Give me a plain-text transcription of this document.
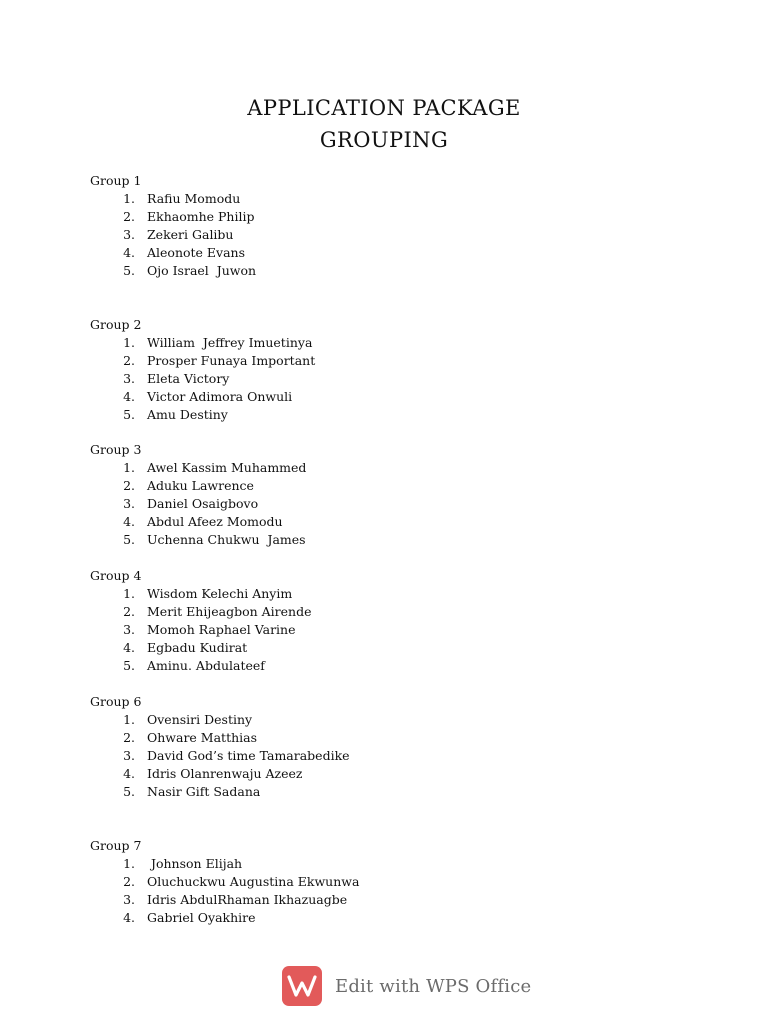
APPLICATION PACKAGE
GROUPING
Group 1
1. Rafiu Momodu
2. Ekhaomhe Philip
3. Zekeri Galibu
4. Aleonote Evans
5. Ojo Israel  Juwon
Group 2
1. William  Jeffrey Imuetinya
2. Prosper Funaya Important
3. Eleta Victory
4. Victor Adimora Onwuli
5. Amu Destiny
Group 3
1. Awel Kassim Muhammed
2. Aduku Lawrence
3. Daniel Osaigbovo
4. Abdul Afeez Momodu
5. Uchenna Chukwu  James
Group 4
1. Wisdom Kelechi Anyim
2. Merit Ehijeagbon Airende
3. Momoh Raphael Varine
4. Egbadu Kudirat
5. Aminu. Abdulateef
Group 6
1. Ovensiri Destiny
2. Ohware Matthias
3. David God’s time Tamarabedike
4. Idris Olanrenwaju Azeez
5. Nasir Gift Sadana
Group 7
1. Johnson Elijah
2. Oluchuckwu Augustina Ekwunwa
3. Idris AbdulRhaman Ikhazuagbe
4. Gabriel Oyakhire
Edit with WPS Office
